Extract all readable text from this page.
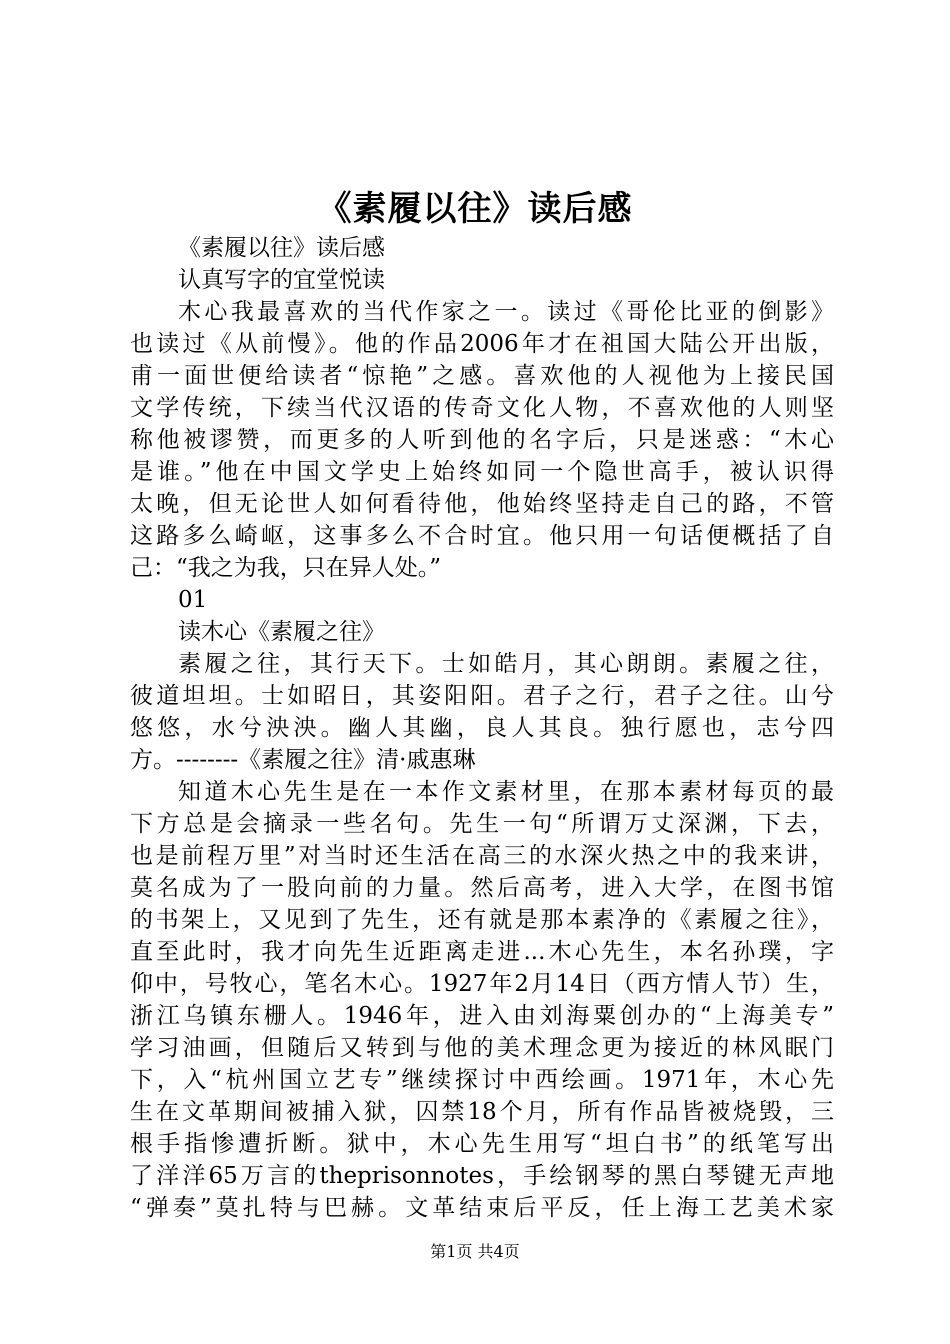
《素履以往》读后感
《素履以往》读后感
认真写字的宜堂悦读
木心我最喜欢的当代作家之一。读过《哥伦比亚的倒影》
也读过《从前慢》。他的作品2006年才在祖国大陆公开出版，
甫一面世便给读者“惊艳”之感。喜欢他的人视他为上接民国
文学传统，下续当代汉语的传奇文化人物，不喜欢他的人则坚
称他被谬赞，而更多的人听到他的名字后，只是迷惑：“木心
是谁。”他在中国文学史上始终如同一个隐世高手，被认识得
太晚，但无论世人如何看待他，他始终坚持走自己的路，不管
这路多么崎岖，这事多么不合时宜。他只用一句话便概括了自
己：“我之为我，只在异人处。”
01
读木心《素履之往》
素履之往，其行天下。士如皓月，其心朗朗。素履之往，
彼道坦坦。士如昭日，其姿阳阳。君子之行，君子之往。山兮
悠悠，水兮泱泱。幽人其幽，良人其良。独行愿也，志兮四
方。--------《素履之往》清·戚惠琳
知道木心先生是在一本作文素材里，在那本素材每页的最
下方总是会摘录一些名句。先生一句“所谓万丈深渊，下去，
也是前程万里”对当时还生活在高三的水深火热之中的我来讲，
莫名成为了一股向前的力量。然后高考，进入大学，在图书馆
的书架上，又见到了先生，还有就是那本素净的《素履之往》，
直至此时，我才向先生近距离走进...木心先生，本名孙璞，字
仰中，号牧心，笔名木心。1927年2月14日（西方情人节）生，
浙江乌镇东栅人。1946年，进入由刘海粟创办的“上海美专”
学习油画，但随后又转到与他的美术理念更为接近的林风眠门
下，入“杭州国立艺专”继续探讨中西绘画。1971年，木心先
生在文革期间被捕入狱，囚禁18个月，所有作品皆被烧毁，三
根手指惨遭折断。狱中，木心先生用写“坦白书”的纸笔写出
了洋洋65万言的theprisonnotes，手绘钢琴的黑白琴键无声地
“弹奏”莫扎特与巴赫。文革结束后平反，任上海工艺美术家
第1页 共4页
